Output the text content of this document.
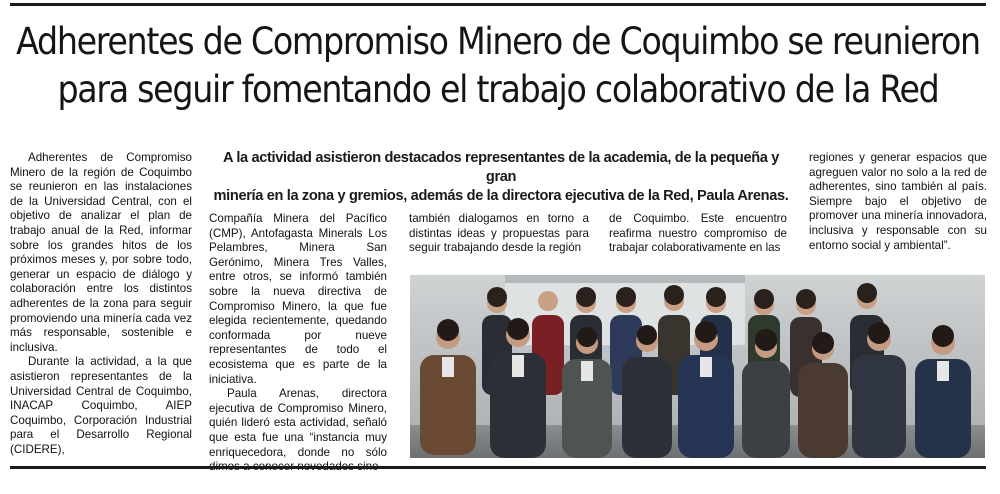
Adherentes de Compromiso Minero de Coquimbo se reunieron
para seguir fomentando el trabajo colaborativo de la Red
A la actividad asistieron destacados representantes de la academia, de la pequeña y gran
minería en la zona y gremios, además de la directora ejecutiva de la Red, Paula Arenas.

Adherentes de Compromiso Minero de la región de Coquimbo se reunieron en las instalaciones de la Universidad Central, con el objetivo de analizar el plan de trabajo anual de la Red, informar sobre los grandes hitos de los próximos meses y, por sobre todo, generar un espacio de diálogo y colaboración entre los distintos adherentes de la zona para seguir promoviendo una minería cada vez más responsable, sostenible e inclusiva.

Durante la actividad, a la que asistieron representantes de la Universidad Central de Coquimbo, INACAP Coquimbo, AIEP Coquimbo, Corporación Industrial para el Desarrollo Regional (CIDERE),

Compañía Minera del Pacífico (CMP), Antofagasta Minerals Los Pelambres, Minera San Gerónimo, Minera Tres Valles, entre otros, se informó también sobre la nueva directiva de Compromiso Minero, la que fue elegida recientemente, quedando conformada por nueve representantes de todo el ecosistema que es parte de la iniciativa.

Paula Arenas, directora ejecutiva de Compromiso Minero, quién lideró esta actividad, señaló que esta fue una “instancia muy enriquecedora, donde no sólo

también dialogamos en torno a distintas ideas y propuestas para seguir trabajando desde la región

de Coquimbo. Este encuentro reafirma nuestro compromiso de trabajar colaborativamente en las

regiones y generar espacios que agreguen valor no solo a la red de adherentes, sino también al país. Siempre bajo el objetivo de promover una minería innovadora, inclusiva y responsable con su entorno social y ambiental”.
